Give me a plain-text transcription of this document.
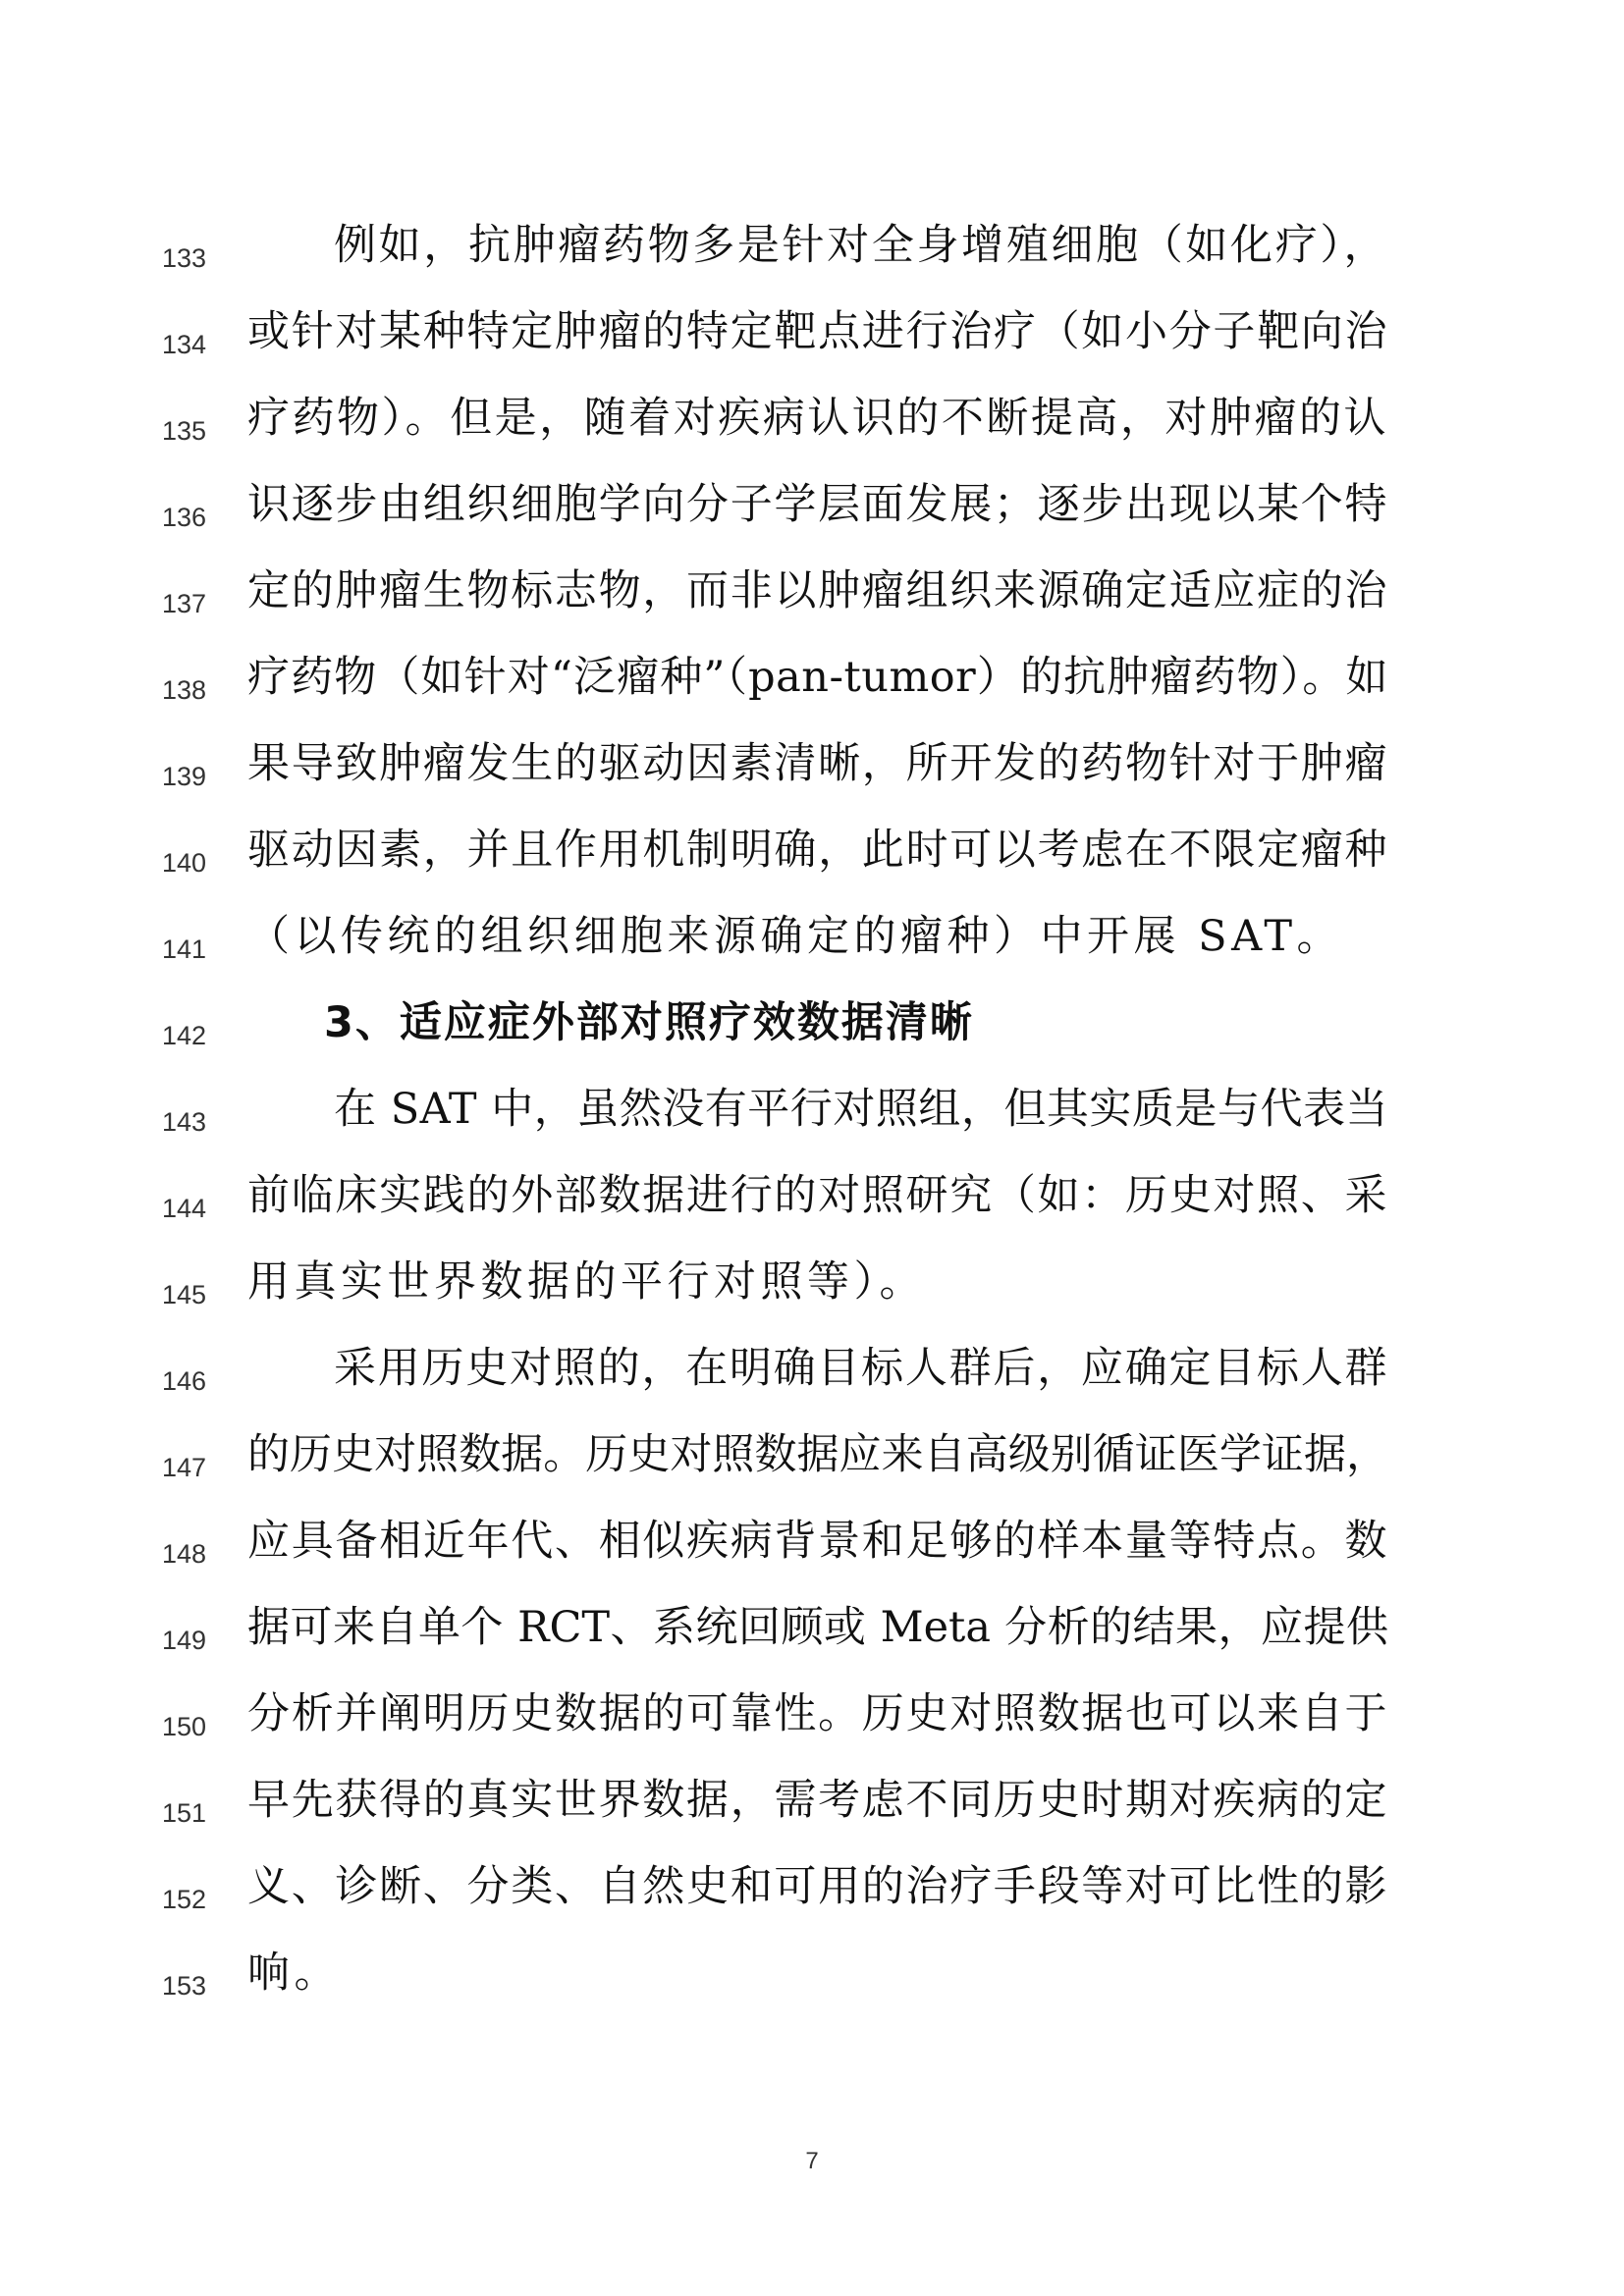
133	例如，抗肿瘤药物多是针对全身增殖细胞（如化疗），
134 或针对某种特定肿瘤的特定靶点进行治疗（如小分子靶向治
135 疗药物）。但是，随着对疾病认识的不断提高，对肿瘤的认
136 识逐步由组织细胞学向分子学层面发展；逐步出现以某个特
137 定的肿瘤生物标志物，而非以肿瘤组织来源确定适应症的治
138 疗药物（如针对“泛瘤种”（pan-tumor）的抗肿瘤药物）。如
139 果导致肿瘤发生的驱动因素清晰，所开发的药物针对于肿瘤
140 驱动因素，并且作用机制明确，此时可以考虑在不限定瘤种
141 （以传统的组织细胞来源确定的瘤种）中开展 SAT。
142	3、适应症外部对照疗效数据清晰
143	在 SAT 中，虽然没有平行对照组，但其实质是与代表当
144 前临床实践的外部数据进行的对照研究（如：历史对照、采
145 用真实世界数据的平行对照等）。
146	采用历史对照的，在明确目标人群后，应确定目标人群
147 的历史对照数据。历史对照数据应来自高级别循证医学证据，
148 应具备相近年代、相似疾病背景和足够的样本量等特点。数
149 据可来自单个 RCT、系统回顾或 Meta 分析的结果，应提供
150 分析并阐明历史数据的可靠性。历史对照数据也可以来自于
151 早先获得的真实世界数据，需考虑不同历史时期对疾病的定
152 义、诊断、分类、自然史和可用的治疗手段等对可比性的影
153 响。
7
